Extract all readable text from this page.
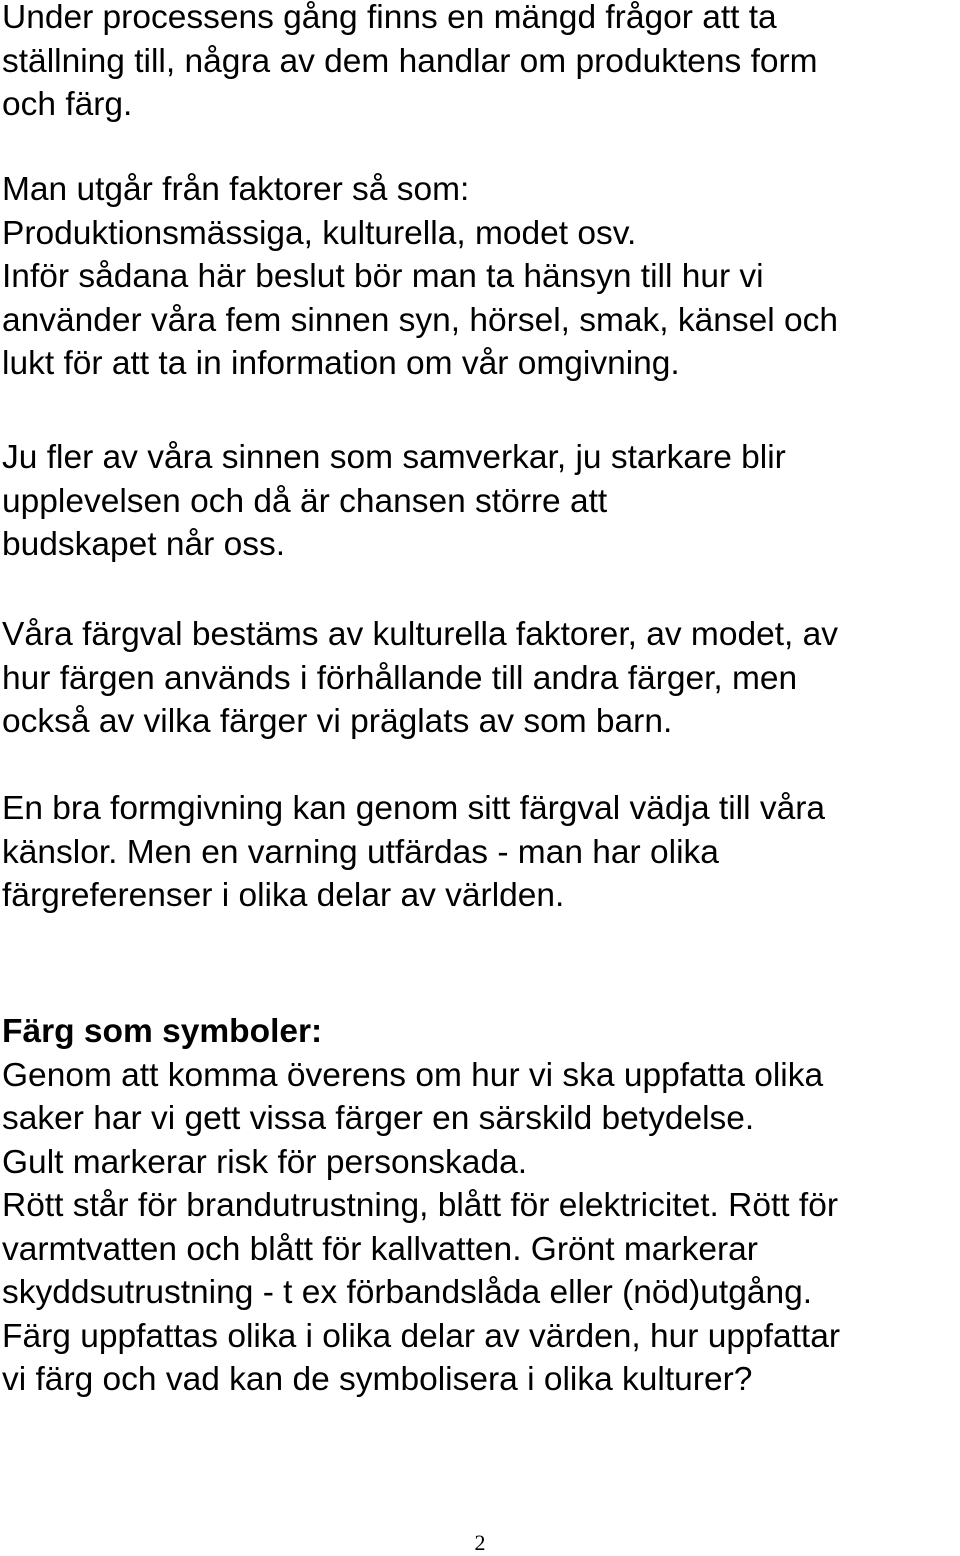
Under processens gång finns en mängd frågor att ta
ställning till, några av dem handlar om produktens form
och färg.

Man utgår från faktorer så som:
Produktionsmässiga, kulturella, modet osv.
Inför sådana här beslut bör man ta hänsyn till hur vi
använder våra fem sinnen syn, hörsel, smak, känsel och
lukt för att ta in information om vår omgivning.

Ju fler av våra sinnen som samverkar, ju starkare blir
upplevelsen och då är chansen större att
budskapet når oss.

Våra färgval bestäms av kulturella faktorer, av modet, av
hur färgen används i förhållande till andra färger, men
också av vilka färger vi präglats av som barn.

En bra formgivning kan genom sitt färgval vädja till våra
känslor. Men en varning utfärdas - man har olika
färgreferenser i olika delar av världen.

Färg som symboler:
Genom att komma överens om hur vi ska uppfatta olika
saker har vi gett vissa färger en särskild betydelse.
Gult markerar risk för personskada.
Rött står för brandutrustning, blått för elektricitet. Rött för
varmtvatten och blått för kallvatten. Grönt markerar
skyddsutrustning - t ex förbandslåda eller (nöd)utgång.
Färg uppfattas olika i olika delar av värden, hur uppfattar
vi färg och vad kan de symbolisera i olika kulturer?
2
